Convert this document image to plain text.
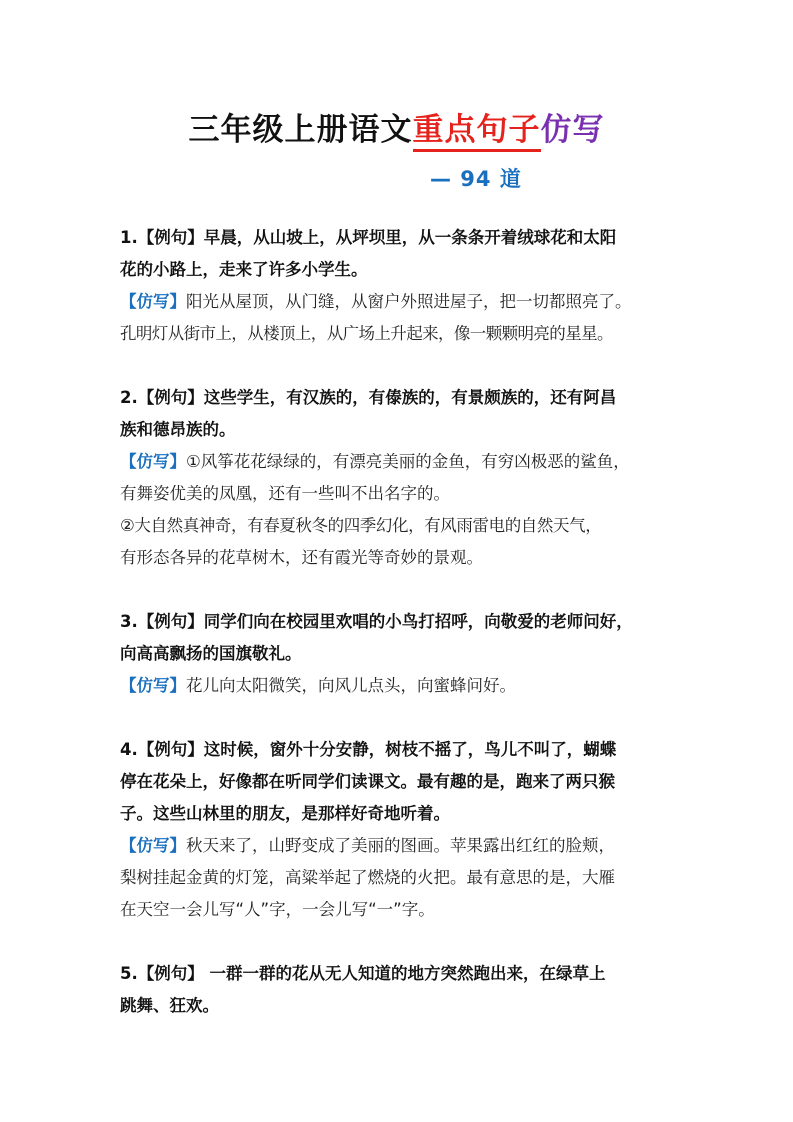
三年级上册语文重点句子仿写
— 94 道
1.【例句】早晨，从山坡上，从坪坝里，从一条条开着绒球花和太阳
花的小路上，走来了许多小学生。
【仿写】阳光从屋顶，从门缝，从窗户外照进屋子，把一切都照亮了。
孔明灯从街市上，从楼顶上，从广场上升起来，像一颗颗明亮的星星。
2.【例句】这些学生，有汉族的，有傣族的，有景颇族的，还有阿昌
族和德昂族的。
【仿写】①风筝花花绿绿的，有漂亮美丽的金鱼，有穷凶极恶的鲨鱼，
有舞姿优美的凤凰，还有一些叫不出名字的。
②大自然真神奇，有春夏秋冬的四季幻化，有风雨雷电的自然天气，
有形态各异的花草树木，还有霞光等奇妙的景观。
3.【例句】同学们向在校园里欢唱的小鸟打招呼，向敬爱的老师问好，
向高高飘扬的国旗敬礼。
【仿写】花儿向太阳微笑，向风儿点头，向蜜蜂问好。
4.【例句】这时候，窗外十分安静，树枝不摇了，鸟儿不叫了，蝴蝶
停在花朵上，好像都在听同学们读课文。最有趣的是，跑来了两只猴
子。这些山林里的朋友，是那样好奇地听着。
【仿写】秋天来了，山野变成了美丽的图画。苹果露出红红的脸颊，
梨树挂起金黄的灯笼，高粱举起了燃烧的火把。最有意思的是，大雁
在天空一会儿写“人”字，一会儿写“一”字。
5.【例句】 一群一群的花从无人知道的地方突然跑出来，在绿草上
跳舞、狂欢。
